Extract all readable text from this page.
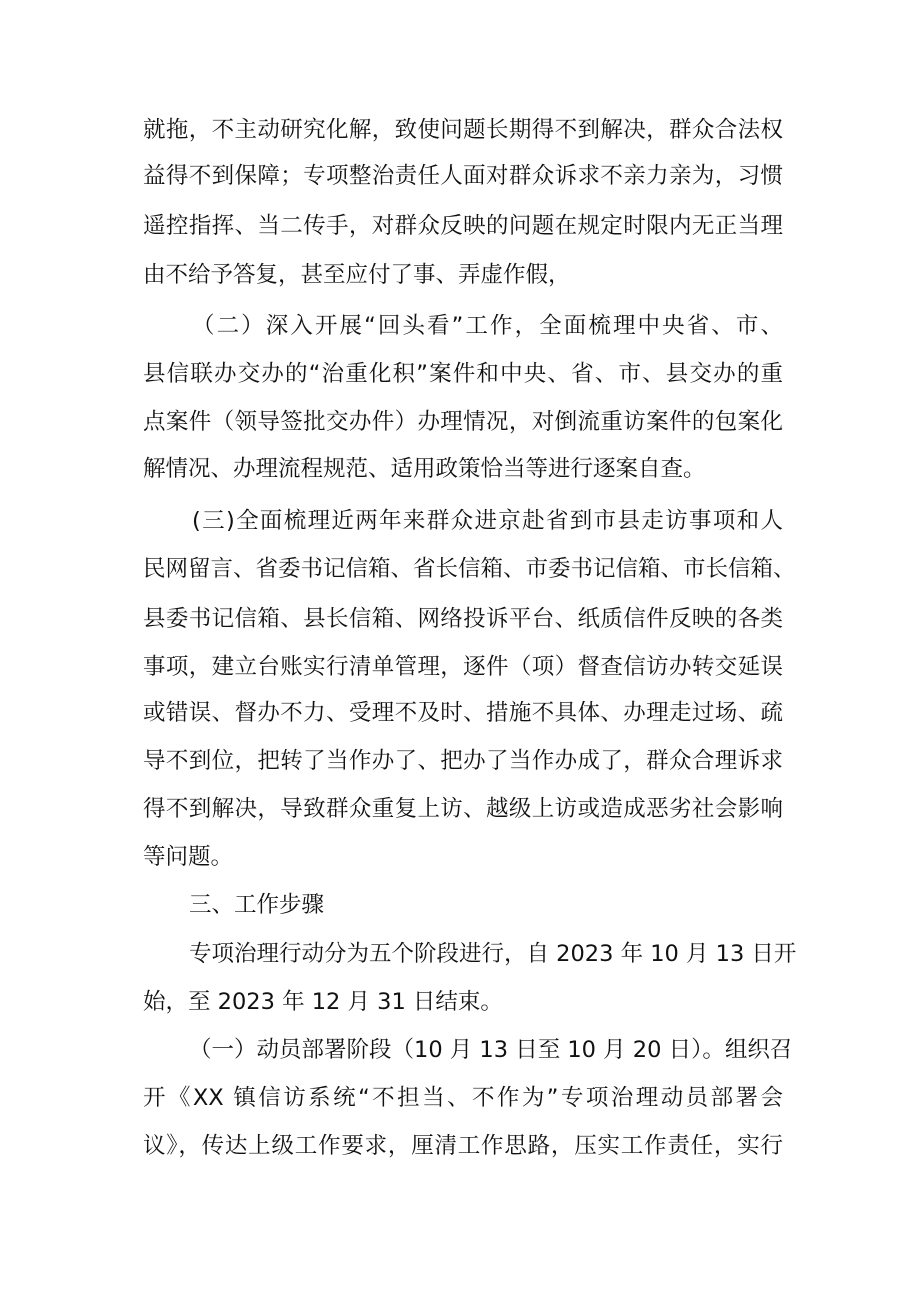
就拖，不主动研究化解，致使问题长期得不到解决，群众合法权
益得不到保障；专项整治责任人面对群众诉求不亲力亲为，习惯
遥控指挥、当二传手，对群众反映的问题在规定时限内无正当理
由不给予答复，甚至应付了事、弄虚作假，
（二）深入开展“回头看”工作，全面梳理中央省、市、
县信联办交办的“治重化积”案件和中央、省、市、县交办的重
点案件（领导签批交办件）办理情况，对倒流重访案件的包案化
解情况、办理流程规范、适用政策恰当等进行逐案自查。
(三)全面梳理近两年来群众进京赴省到市县走访事项和人
民网留言、省委书记信箱、省长信箱、市委书记信箱、市长信箱、
县委书记信箱、县长信箱、网络投诉平台、纸质信件反映的各类
事项，建立台账实行清单管理，逐件（项）督查信访办转交延误
或错误、督办不力、受理不及时、措施不具体、办理走过场、疏
导不到位，把转了当作办了、把办了当作办成了，群众合理诉求
得不到解决，导致群众重复上访、越级上访或造成恶劣社会影响
等问题。
三、工作步骤
专项治理行动分为五个阶段进行，自 2023 年 10 月 13 日开
始，至 2023 年 12 月 31 日结束。
（一）动员部署阶段（10 月 13 日至 10 月 20 日）。组织召
开《XX 镇信访系统“不担当、不作为”专项治理动员部署会
议》，传达上级工作要求，厘清工作思路，压实工作责任，实行
